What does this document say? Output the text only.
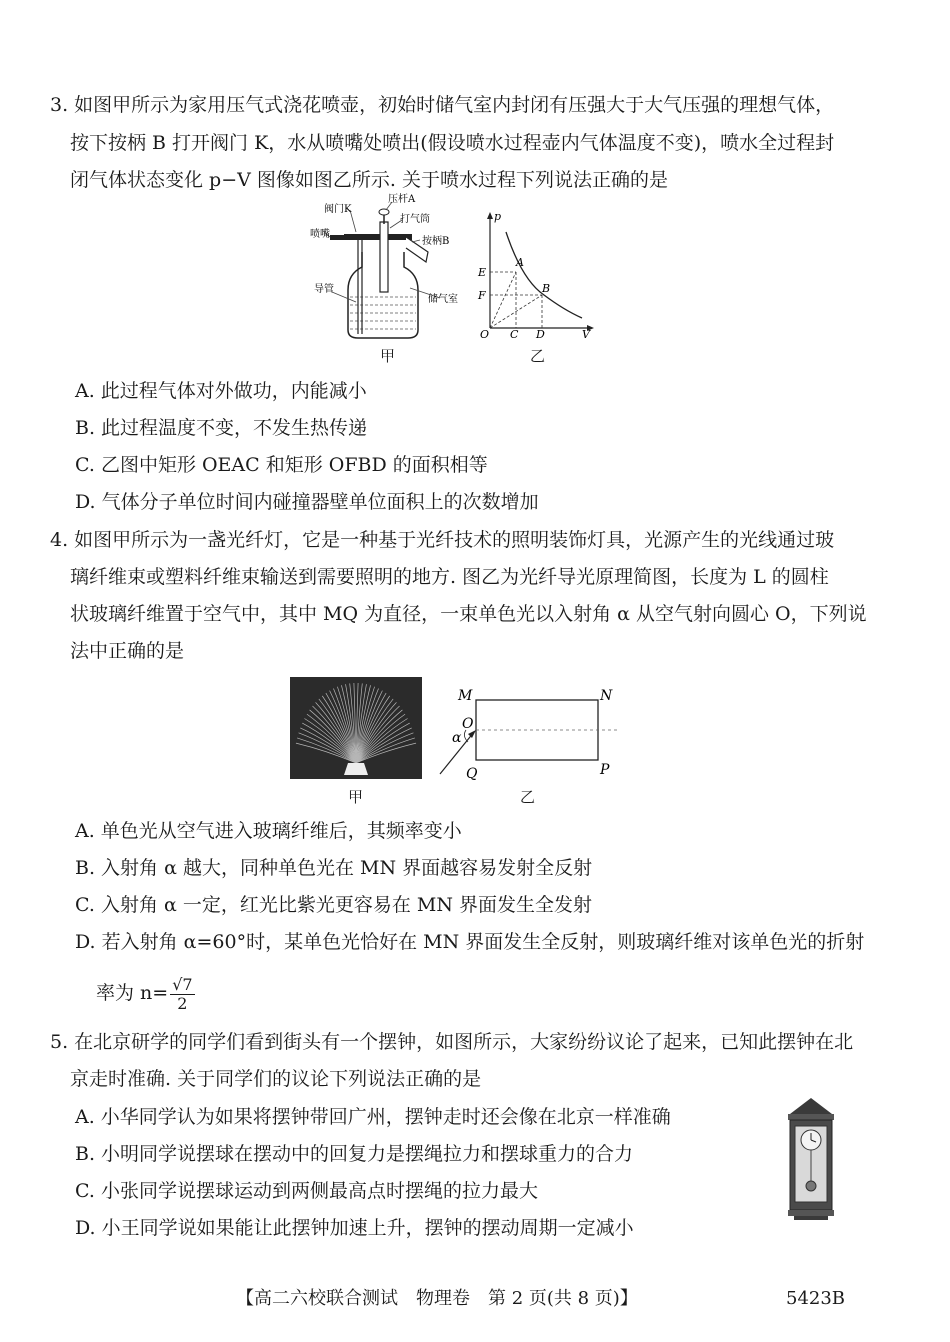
3. 如图甲所示为家用压气式浇花喷壶，初始时储气室内封闭有压强大于大气压强的理想气体，
按下按柄 B 打开阀门 K，水从喷嘴处喷出(假设喷水过程壶内气体温度不变)，喷水全过程封
闭气体状态变化 p−V 图像如图乙所示. 关于喷水过程下列说法正确的是
阀门K
压杆A
打气筒
喷嘴
按柄B
导管
储气室
甲
p
V
O C D
E
F
A
B
乙
A. 此过程气体对外做功，内能减小
B. 此过程温度不变，不发生热传递
C. 乙图中矩形 OEAC 和矩形 OFBD 的面积相等
D. 气体分子单位时间内碰撞器壁单位面积上的次数增加
4. 如图甲所示为一盏光纤灯，它是一种基于光纤技术的照明装饰灯具，光源产生的光线通过玻
璃纤维束或塑料纤维束输送到需要照明的地方. 图乙为光纤导光原理简图，长度为 L 的圆柱
状玻璃纤维置于空气中，其中 MQ 为直径，一束单色光以入射角 α 从空气射向圆心 O，下列说
法中正确的是
甲
M	N
O
α
Q	P
乙
A. 单色光从空气进入玻璃纤维后，其频率变小
B. 入射角 α 越大，同种单色光在 MN 界面越容易发射全反射
C. 入射角 α 一定，红光比紫光更容易在 MN 界面发生全发射
D. 若入射角 α=60°时，某单色光恰好在 MN 界面发生全反射，则玻璃纤维对该单色光的折射
率为 $n= \frac{√7}{2}$
5. 在北京研学的同学们看到街头有一个摆钟，如图所示，大家纷纷议论了起来，已知此摆钟在北
京走时准确. 关于同学们的议论下列说法正确的是
A. 小华同学认为如果将摆钟带回广州，摆钟走时还会像在北京一样准确
B. 小明同学说摆球在摆动中的回复力是摆绳拉力和摆球重力的合力
C. 小张同学说摆球运动到两侧最高点时摆绳的拉力最大
D. 小王同学说如果能让此摆钟加速上升，摆钟的摆动周期一定减小
【高二六校联合测试　物理卷　第 2 页(共 8 页)】	5423B
